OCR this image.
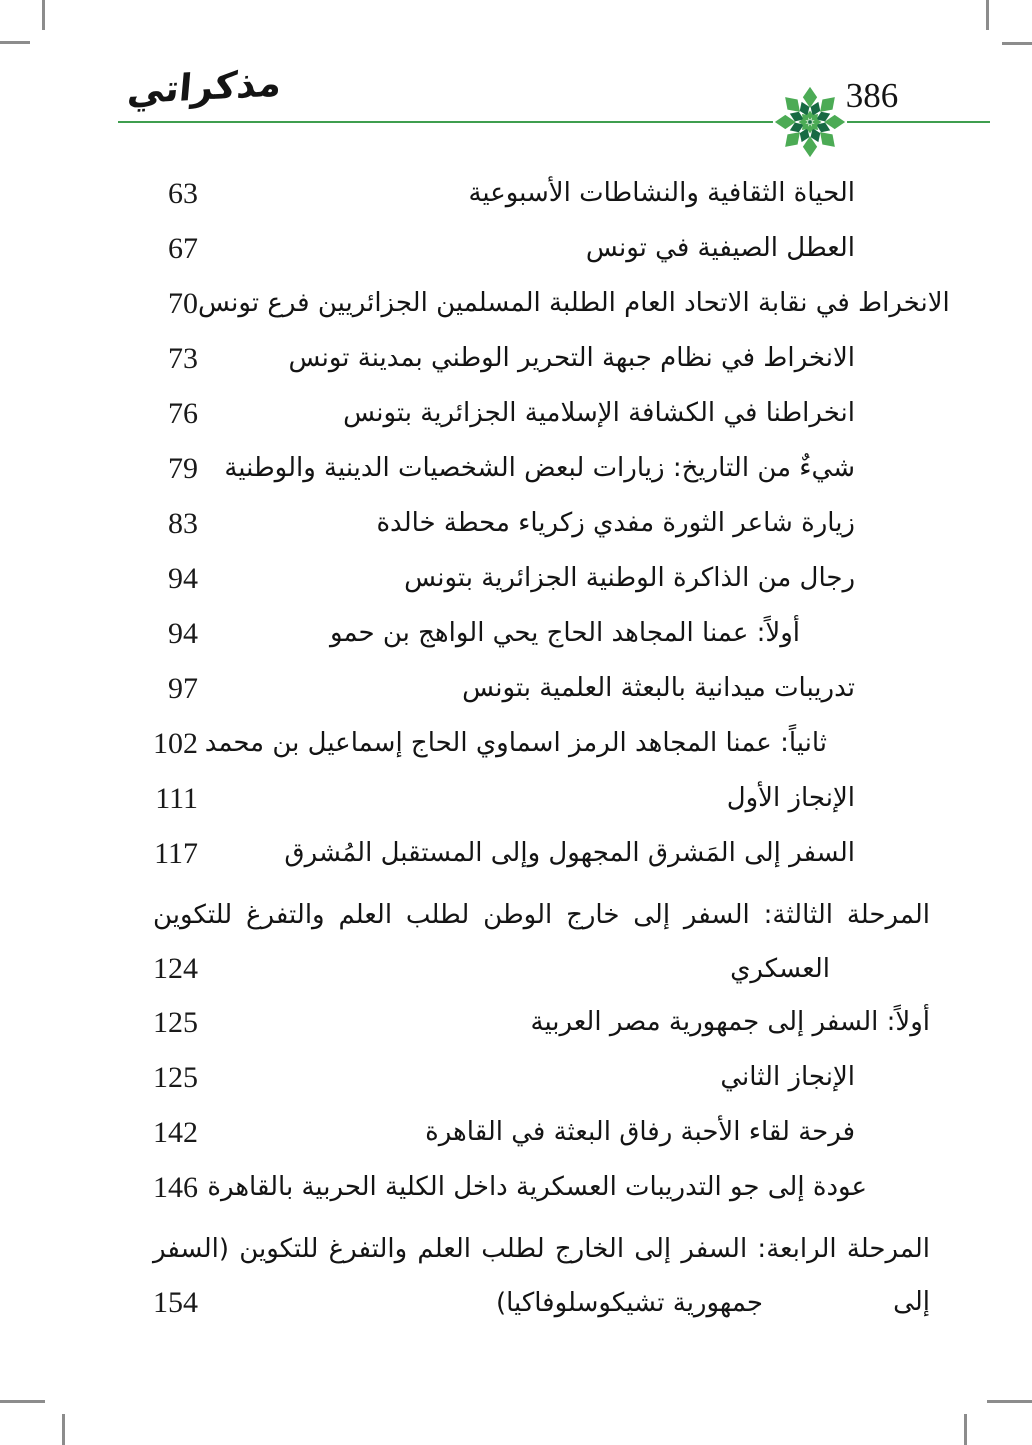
مذكراتي	386
63	الحياة الثقافية والنشاطات الأسبوعية
67	العطل الصيفية في تونس
70 الانخراط في نقابة الاتحاد العام الطلبة المسلمين الجزائريين فرع تونس
73	الانخراط في نظام جبهة التحرير الوطني بمدينة تونس
76	انخراطنا في الكشافة الإسلامية الجزائرية بتونس
79	شيءٌ من التاريخ: زيارات لبعض الشخصيات الدينية والوطنية
83	زيارة شاعر الثورة مفدي زكرياء محطة خالدة
94	رجال من الذاكرة الوطنية الجزائرية بتونس
94	أولاً: عمنا المجاهد الحاج يحي الواهج بن حمو
97	تدريبات ميدانية بالبعثة العلمية بتونس
102 ثانياً: عمنا المجاهد الرمز اسماوي الحاج إسماعيل بن محمد
111	الإنجاز الأول
117	السفر إلى المَشرق المجهول وإلى المستقبل المُشرق
المرحلة الثالثة: السفر إلى خارج الوطن لطلب العلم والتفرغ للتكوين
124	العسكري
125	أولاً: السفر إلى جمهورية مصر العربية
125	الإنجاز الثاني
142	فرحة لقاء الأحبة رفاق البعثة في القاهرة
146 عودة إلى جو التدريبات العسكرية داخل الكلية الحربية بالقاهرة
المرحلة الرابعة: السفر إلى الخارج لطلب العلم والتفرغ للتكوين (السفر إلى
154	جمهورية تشيكوسلوفاكيا)
